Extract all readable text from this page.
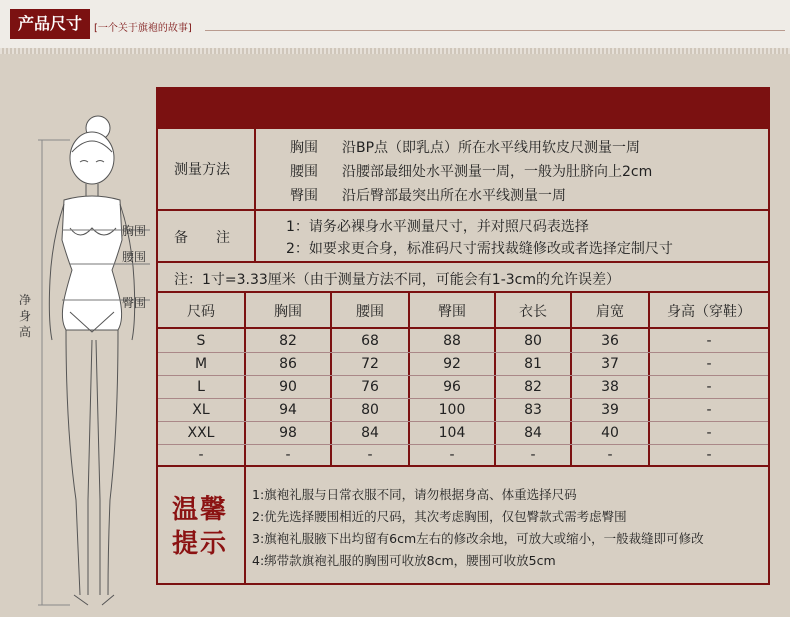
产品尺寸	[一个关于旗袍的故事]
胸围
腰围
臀围
净身高
测量方法
胸围 沿BP点（即乳点）所在水平线用软皮尺测量一周
腰围 沿腰部最细处水平测量一周，一般为肚脐向上2cm
臀围 沿后臀部最突出所在水平线测量一周
备　　注
1：请务必裸身水平测量尺寸，并对照尺码表选择
2：如要求更合身，标准码尺寸需找裁缝修改或者选择定制尺寸
注：1寸=3.33厘米（由于测量方法不同，可能会有1-3cm的允许误差）
尺码	胸围	腰围	臀围	衣长	肩宽	身高（穿鞋）
S	82	68	88	80	36	-
M	86	72	92	81	37	-
L	90	76	96	82	38	-
XL	94	80	100	83	39	-
XXL	98	84	104	84	40	-
-	-	-	-	-	-	-
温馨
提示
1:旗袍礼服与日常衣服不同，请勿根据身高、体重选择尺码
2:优先选择腰围相近的尺码，其次考虑胸围，仅包臀款式需考虑臀围
3:旗袍礼服腋下出均留有6cm左右的修改余地，可放大或缩小，一般裁缝即可修改
4:绑带款旗袍礼服的胸围可收放8cm，腰围可收放5cm
